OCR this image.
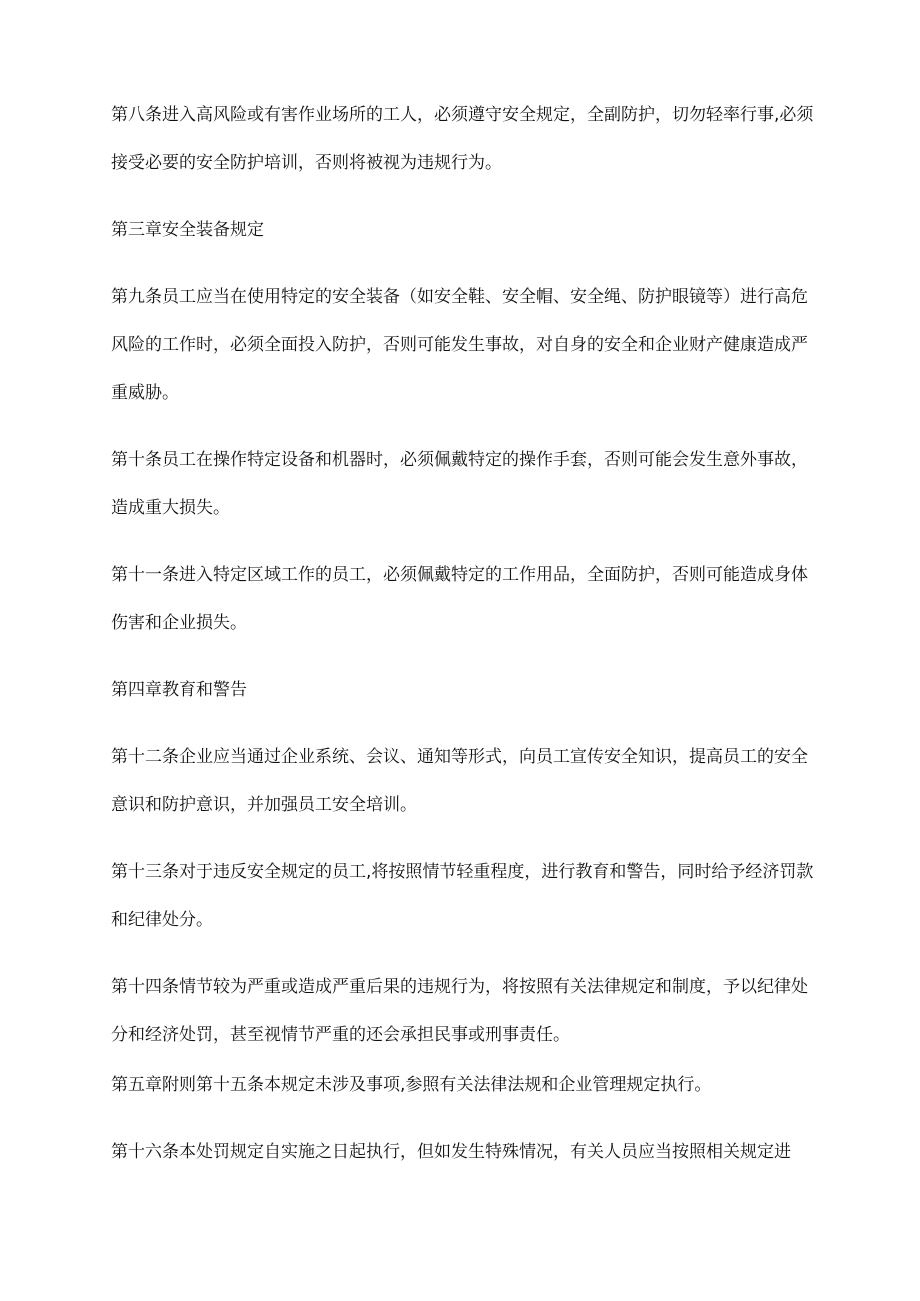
第八条进入高风险或有害作业场所的工人，必须遵守安全规定，全副防护，切勿轻率行事,必须

接受必要的安全防护培训，否则将被视为违规行为。

第三章安全装备规定

第九条员工应当在使用特定的安全装备（如安全鞋、安全帽、安全绳、防护眼镜等）进行高危

风险的工作时，必须全面投入防护，否则可能发生事故，对自身的安全和企业财产健康造成严

重威胁。

第十条员工在操作特定设备和机器时，必须佩戴特定的操作手套，否则可能会发生意外事故，

造成重大损失。

第十一条进入特定区域工作的员工，必须佩戴特定的工作用品，全面防护，否则可能造成身体

伤害和企业损失。

第四章教育和警告

第十二条企业应当通过企业系统、会议、通知等形式，向员工宣传安全知识，提高员工的安全

意识和防护意识，并加强员工安全培训。

第十三条对于违反安全规定的员工,将按照情节轻重程度，进行教育和警告，同时给予经济罚款

和纪律处分。

第十四条情节较为严重或造成严重后果的违规行为，将按照有关法律规定和制度，予以纪律处

分和经济处罚，甚至视情节严重的还会承担民事或刑事责任。

第五章附则第十五条本规定未涉及事项,参照有关法律法规和企业管理规定执行。

第十六条本处罚规定自实施之日起执行，但如发生特殊情况，有关人员应当按照相关规定进
